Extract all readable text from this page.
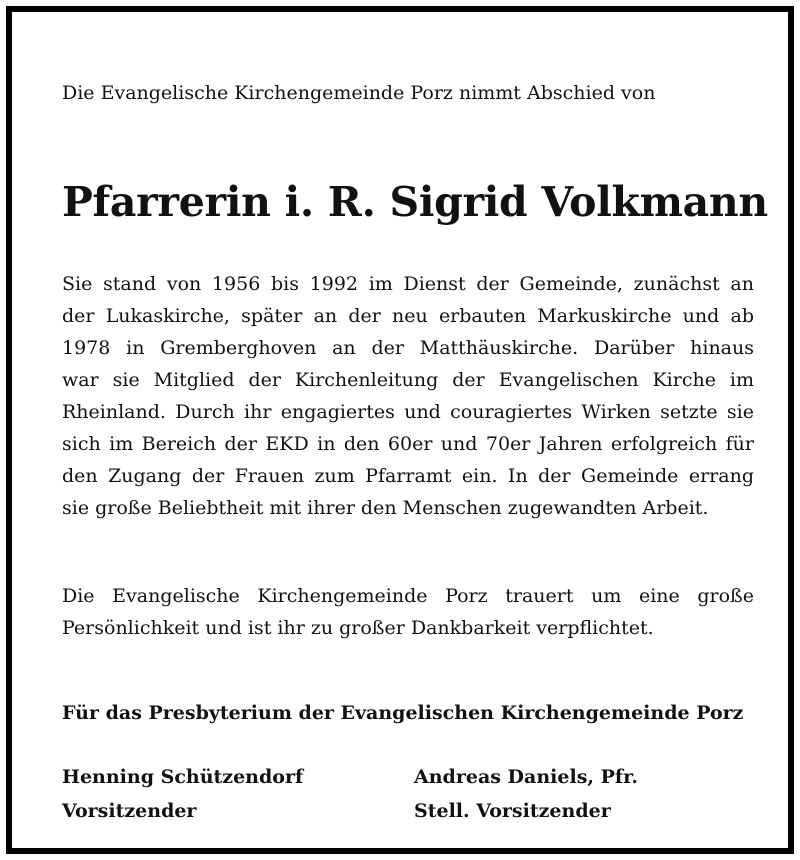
Die Evangelische Kirchengemeinde Porz nimmt Abschied von

Pfarrerin i. R. Sigrid Volkmann

Sie stand von 1956 bis 1992 im Dienst der Gemeinde, zunächst an
der Lukaskirche, später an der neu erbauten Markuskirche und ab
1978 in Gremberghoven an der Matthäuskirche. Darüber hinaus
war sie Mitglied der Kirchenleitung der Evangelischen Kirche im
Rheinland. Durch ihr engagiertes und couragiertes Wirken setzte sie
sich im Bereich der EKD in den 60er und 70er Jahren erfolgreich für
den Zugang der Frauen zum Pfarramt ein. In der Gemeinde errang
sie große Beliebtheit mit ihrer den Menschen zugewandten Arbeit.

Die Evangelische Kirchengemeinde Porz trauert um eine große
Persönlichkeit und ist ihr zu großer Dankbarkeit verpflichtet.

Für das Presbyterium der Evangelischen Kirchengemeinde Porz
Henning Schützendorf
Vorsitzender
Andreas Daniels, Pfr.
Stell. Vorsitzender
